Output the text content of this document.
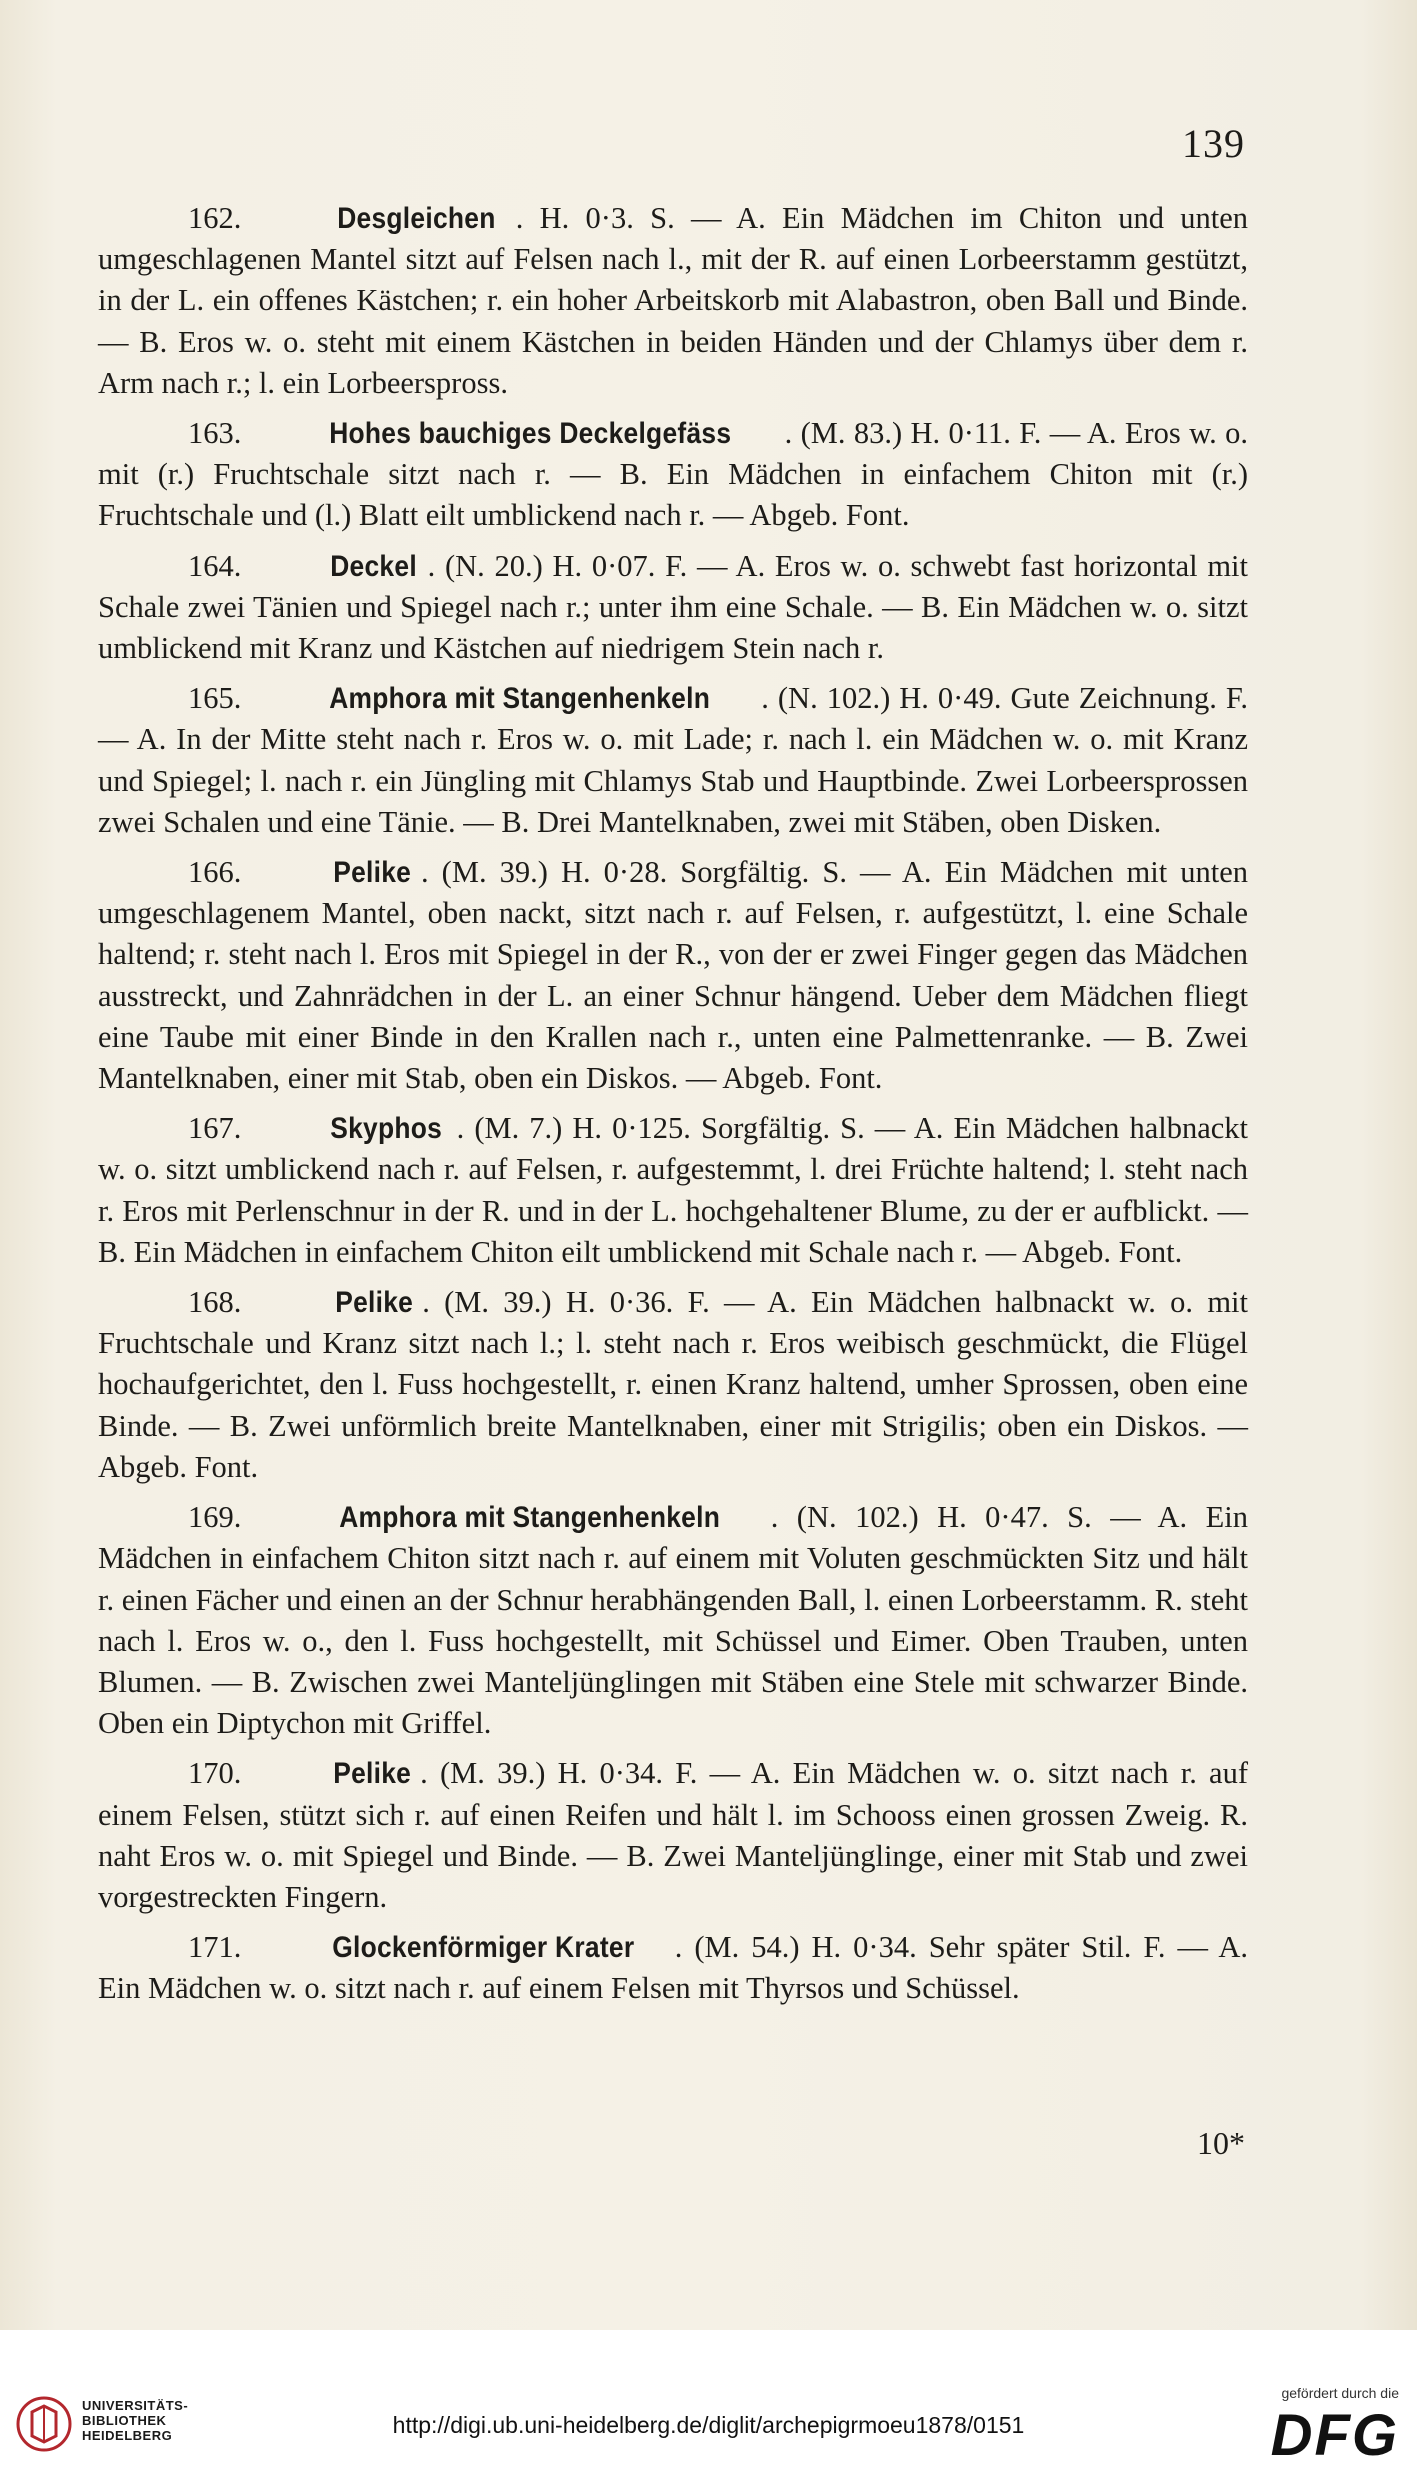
139

162.	Desgleichen . H. 0·3. S. — A. Ein Mädchen im Chiton und unten umgeschlagenen Mantel sitzt auf Felsen nach l., mit der R. auf einen Lorbeerstamm gestützt, in der L. ein offenes Kästchen; r. ein hoher Arbeitskorb mit Alabastron, oben Ball und Binde. — B. Eros w. o. steht mit einem Kästchen in beiden Händen und der Chlamys über dem r. Arm nach r.; l. ein Lorbeerspross.

163.	Hohes bauchiges Deckelgefäss . (M. 83.) H. 0·11. F. — A. Eros w. o. mit (r.) Fruchtschale sitzt nach r. — B. Ein Mädchen in einfachem Chiton mit (r.) Fruchtschale und (l.) Blatt eilt umblickend nach r. — Abgeb. Font.

164.	Deckel . (N. 20.) H. 0·07. F. — A. Eros w. o. schwebt fast horizontal mit Schale zwei Tänien und Spiegel nach r.; unter ihm eine Schale. — B. Ein Mädchen w. o. sitzt umblickend mit Kranz und Kästchen auf niedrigem Stein nach r.

165.	Amphora mit Stangenhenkeln . (N. 102.) H. 0·49. Gute Zeichnung. F. — A. In der Mitte steht nach r. Eros w. o. mit Lade; r. nach l. ein Mädchen w. o. mit Kranz und Spiegel; l. nach r. ein Jüngling mit Chlamys Stab und Hauptbinde. Zwei Lorbeersprossen zwei Schalen und eine Tänie. — B. Drei Mantelknaben, zwei mit Stäben, oben Disken.

166.	Pelike . (M. 39.) H. 0·28. Sorgfältig. S. — A. Ein Mädchen mit unten umgeschlagenem Mantel, oben nackt, sitzt nach r. auf Felsen, r. aufgestützt, l. eine Schale haltend; r. steht nach l. Eros mit Spiegel in der R., von der er zwei Finger gegen das Mädchen ausstreckt, und Zahnrädchen in der L. an einer Schnur hängend. Ueber dem Mädchen fliegt eine Taube mit einer Binde in den Krallen nach r., unten eine Palmettenranke. — B. Zwei Mantelknaben, einer mit Stab, oben ein Diskos. — Abgeb. Font.

167.	Skyphos . (M. 7.) H. 0·125. Sorgfältig. S. — A. Ein Mädchen halbnackt w. o. sitzt umblickend nach r. auf Felsen, r. aufgestemmt, l. drei Früchte haltend; l. steht nach r. Eros mit Perlenschnur in der R. und in der L. hochgehaltener Blume, zu der er aufblickt. — B. Ein Mädchen in einfachem Chiton eilt umblickend mit Schale nach r. — Abgeb. Font.

168.	Pelike . (M. 39.) H. 0·36. F. — A. Ein Mädchen halbnackt w. o. mit Fruchtschale und Kranz sitzt nach l.; l. steht nach r. Eros weibisch geschmückt, die Flügel hochaufgerichtet, den l. Fuss hochgestellt, r. einen Kranz haltend, umher Sprossen, oben eine Binde. — B. Zwei unförmlich breite Mantelknaben, einer mit Strigilis; oben ein Diskos. — Abgeb. Font.

169.	Amphora mit Stangenhenkeln . (N. 102.) H. 0·47. S. — A. Ein Mädchen in einfachem Chiton sitzt nach r. auf einem mit Voluten geschmückten Sitz und hält r. einen Fächer und einen an der Schnur herabhängenden Ball, l. einen Lorbeerstamm. R. steht nach l. Eros w. o., den l. Fuss hochgestellt, mit Schüssel und Eimer. Oben Trauben, unten Blumen. — B. Zwischen zwei Manteljünglingen mit Stäben eine Stele mit schwarzer Binde. Oben ein Diptychon mit Griffel.

170.	Pelike . (M. 39.) H. 0·34. F. — A. Ein Mädchen w. o. sitzt nach r. auf einem Felsen, stützt sich r. auf einen Reifen und hält l. im Schooss einen grossen Zweig. R. naht Eros w. o. mit Spiegel und Binde. — B. Zwei Manteljünglinge, einer mit Stab und zwei vorgestreckten Fingern.

171.	Glockenförmiger Krater . (M. 54.) H. 0·34. Sehr später Stil. F. — A. Ein Mädchen w. o. sitzt nach r. auf einem Felsen mit Thyrsos und Schüssel.

10*
UNIVERSITÄTS-
BIBLIOTHEK
HEIDELBERG	http://digi.ub.uni-heidelberg.de/diglit/archepigrmoeu1878/0151
gefördert durch die
DFG
